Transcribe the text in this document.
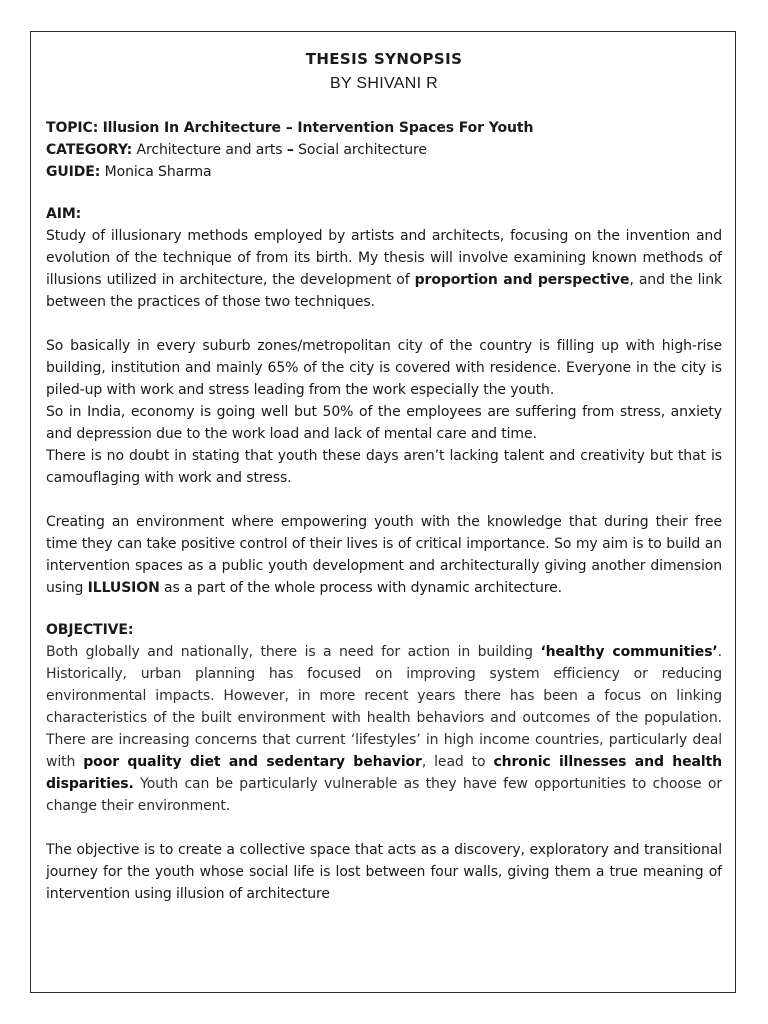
THESIS SYNOPSIS
BY SHIVANI R
TOPIC: Illusion In Architecture – Intervention Spaces For Youth
CATEGORY: Architecture and arts – Social architecture
GUIDE: Monica Sharma
AIM:

Study of illusionary methods employed by artists and architects, focusing on the invention and evolution of the technique of from its birth. My thesis will involve examining known methods of illusions utilized in architecture, the development of proportion and perspective, and the link between the practices of those two techniques.

So basically in every suburb zones/metropolitan city of the country is filling up with high-rise building, institution and mainly 65% of the city is covered with residence. Everyone in the city is piled-up with work and stress leading from the work especially the youth.

So in India, economy is going well but 50% of the employees are suffering from stress, anxiety and depression due to the work load and lack of mental care and time.

There is no doubt in stating that youth these days aren’t lacking talent and creativity but that is camouflaging with work and stress.

Creating an environment where empowering youth with the knowledge that during their free time they can take positive control of their lives is of critical importance. So my aim is to build an intervention spaces as a public youth development and architecturally giving another dimension using ILLUSION as a part of the whole process with dynamic architecture.

OBJECTIVE:

Both globally and nationally, there is a need for action in building ‘healthy communities’. Historically, urban planning has focused on improving system efficiency or reducing environmental impacts. However, in more recent years there has been a focus on linking characteristics of the built environment with health behaviors and outcomes of the population. There are increasing concerns that current ‘lifestyles’ in high income countries, particularly deal with poor quality diet and sedentary behavior, lead to chronic illnesses and health disparities. Youth can be particularly vulnerable as they have few opportunities to choose or change their environment.

The objective is to create a collective space that acts as a discovery, exploratory and transitional journey for the youth whose social life is lost between four walls, giving them a true meaning of intervention using illusion of architecture
